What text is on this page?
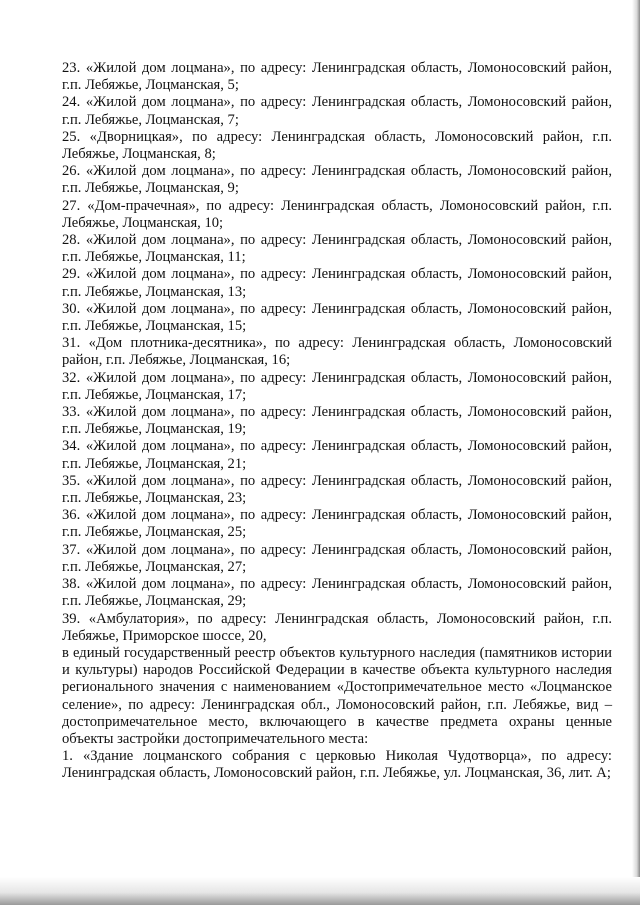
23. «Жилой дом лоцмана», по адресу: Ленинградская область, Ломоносовский район, г.п. Лебяжье, Лоцманская, 5;

24. «Жилой дом лоцмана», по адресу: Ленинградская область, Ломоносовский район, г.п. Лебяжье, Лоцманская, 7;

25. «Дворницкая», по адресу: Ленинградская область, Ломоносовский район, г.п. Лебяжье, Лоцманская, 8;

26. «Жилой дом лоцмана», по адресу: Ленинградская область, Ломоносовский район, г.п. Лебяжье, Лоцманская, 9;

27. «Дом-прачечная», по адресу: Ленинградская область, Ломоносовский район, г.п. Лебяжье, Лоцманская, 10;

28. «Жилой дом лоцмана», по адресу: Ленинградская область, Ломоносовский район, г.п. Лебяжье, Лоцманская, 11;

29. «Жилой дом лоцмана», по адресу: Ленинградская область, Ломоносовский район, г.п. Лебяжье, Лоцманская, 13;

30. «Жилой дом лоцмана», по адресу: Ленинградская область, Ломоносовский район, г.п. Лебяжье, Лоцманская, 15;

31. «Дом плотника-десятника», по адресу: Ленинградская область, Ломоносовский район, г.п. Лебяжье, Лоцманская, 16;

32. «Жилой дом лоцмана», по адресу: Ленинградская область, Ломоносовский район, г.п. Лебяжье, Лоцманская, 17;

33. «Жилой дом лоцмана», по адресу: Ленинградская область, Ломоносовский район, г.п. Лебяжье, Лоцманская, 19;

34. «Жилой дом лоцмана», по адресу: Ленинградская область, Ломоносовский район, г.п. Лебяжье, Лоцманская, 21;

35. «Жилой дом лоцмана», по адресу: Ленинградская область, Ломоносовский район, г.п. Лебяжье, Лоцманская, 23;

36. «Жилой дом лоцмана», по адресу: Ленинградская область, Ломоносовский район, г.п. Лебяжье, Лоцманская, 25;

37. «Жилой дом лоцмана», по адресу: Ленинградская область, Ломоносовский район, г.п. Лебяжье, Лоцманская, 27;

38. «Жилой дом лоцмана», по адресу: Ленинградская область, Ломоносовский район, г.п. Лебяжье, Лоцманская, 29;

39. «Амбулатория», по адресу: Ленинградская область, Ломоносовский район, г.п. Лебяжье, Приморское шоссе, 20,

в единый государственный реестр объектов культурного наследия (памятников истории и культуры) народов Российской Федерации в качестве объекта культурного наследия регионального значения с наименованием «Достопримечательное место «Лоцманское селение», по адресу: Ленинградская обл., Ломоносовский район, г.п. Лебяжье, вид – достопримечательное место, включающего в качестве предмета охраны ценные объекты застройки достопримечательного места:

1. «Здание лоцманского собрания с церковью Николая Чудотворца», по адресу: Ленинградская область, Ломоносовский район, г.п. Лебяжье, ул. Лоцманская, 36, лит. А;
